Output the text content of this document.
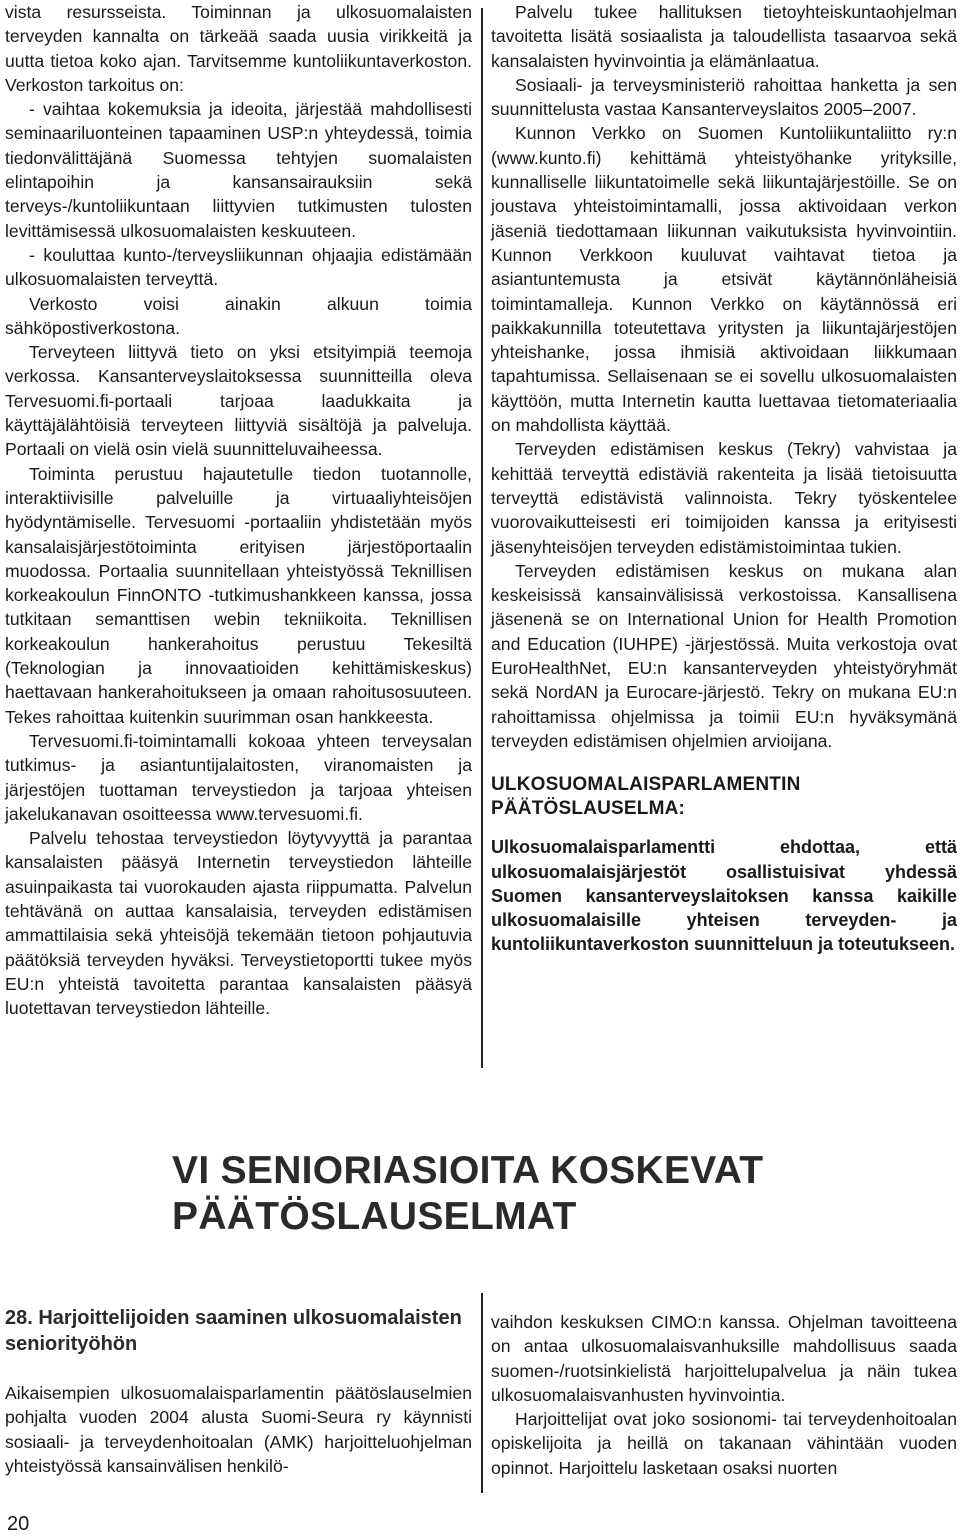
vista resursseista. Toiminnan ja ulkosuomalaisten terveyden kannalta on tärkeää saada uusia virikkeitä ja uutta tietoa koko ajan. Tarvitsemme kuntoliikuntaverkoston. Verkoston tarkoitus on:

- vaihtaa kokemuksia ja ideoita, järjestää mahdollisesti seminaariluonteinen tapaaminen USP:n yhteydessä, toimia tiedonvälittäjänä Suomessa tehtyjen suomalaisten elintapoihin ja kansansairauksiin sekä terveys-/kuntoliikuntaan liittyvien tutkimusten tulosten levittämisessä ulkosuomalaisten keskuuteen.

- kouluttaa kunto-/terveysliikunnan ohjaajia edistämään ulkosuomalaisten terveyttä.

Verkosto voisi ainakin alkuun toimia sähköpostiverkostona.

Terveyteen liittyvä tieto on yksi etsityimpiä teemoja verkossa. Kansanterveyslaitoksessa suunnitteilla oleva Tervesuomi.fi-portaali tarjoaa laadukkaita ja käyttäjälähtöisiä terveyteen liittyviä sisältöjä ja palveluja. Portaali on vielä osin vielä suunnitteluvaiheessa.

Toiminta perustuu hajautetulle tiedon tuotannolle, interaktiivisille palveluille ja virtuaaliyhteisöjen hyödyntämiselle. Tervesuomi -portaaliin yhdistetään myös kansalaisjärjestötoiminta erityisen järjestöportaalin muodossa. Portaalia suunnitellaan yhteistyössä Teknillisen korkeakoulun FinnONTO -tutkimushankkeen kanssa, jossa tutkitaan semanttisen webin tekniikoita. Teknillisen korkeakoulun hankerahoitus perustuu Tekesiltä (Teknologian ja innovaatioiden kehittämiskeskus) haettavaan hankerahoitukseen ja omaan rahoitusosuuteen. Tekes rahoittaa kuitenkin suurimman osan hankkeesta.

Tervesuomi.fi-toimintamalli kokoaa yhteen terveysalan tutkimus- ja asiantuntijalaitosten, viranomaisten ja järjestöjen tuottaman terveystiedon ja tarjoaa yhteisen jakelukanavan osoitteessa www.tervesuomi.fi.

Palvelu tehostaa terveystiedon löytyvyyttä ja parantaa kansalaisten pääsyä Internetin terveystiedon lähteille asuinpaikasta tai vuorokauden ajasta riippumatta. Palvelun tehtävänä on auttaa kansalaisia, terveyden edistämisen ammattilaisia sekä yhteisöjä tekemään tietoon pohjautuvia päätöksiä terveyden hyväksi. Terveystietoportti tukee myös EU:n yhteistä tavoitetta parantaa kansalaisten pääsyä luotettavan terveystiedon lähteille.

Palvelu tukee hallituksen tietoyhteiskuntaohjelman tavoitetta lisätä sosiaalista ja taloudellista tasaarvoa sekä kansalaisten hyvinvointia ja elämänlaatua.

Sosiaali- ja terveysministeriö rahoittaa hanketta ja sen suunnittelusta vastaa Kansanterveyslaitos 2005–2007.

Kunnon Verkko on Suomen Kuntoliikuntaliitto ry:n (www.kunto.fi) kehittämä yhteistyöhanke yrityksille, kunnalliselle liikuntatoimelle sekä liikuntajärjestöille. Se on joustava yhteistoimintamalli, jossa aktivoidaan verkon jäseniä tiedottamaan liikunnan vaikutuksista hyvinvointiin. Kunnon Verkkoon kuuluvat vaihtavat tietoa ja asiantuntemusta ja etsivät käytännönläheisiä toimintamalleja. Kunnon Verkko on käytännössä eri paikkakunnilla toteutettava yritysten ja liikuntajärjestöjen yhteishanke, jossa ihmisiä aktivoidaan liikkumaan tapahtumissa. Sellaisenaan se ei sovellu ulkosuomalaisten käyttöön, mutta Internetin kautta luettavaa tietomateriaalia on mahdollista käyttää.

Terveyden edistämisen keskus (Tekry) vahvistaa ja kehittää terveyttä edistäviä rakenteita ja lisää tietoisuutta terveyttä edistävistä valinnoista. Tekry työskentelee vuorovaikutteisesti eri toimijoiden kanssa ja erityisesti jäsenyhteisöjen terveyden edistämistoimintaa tukien.

Terveyden edistämisen keskus on mukana alan keskeisissä kansainvälisissä verkostoissa. Kansallisena jäsenenä se on International Union for Health Promotion and Education (IUHPE) -järjestössä. Muita verkostoja ovat EuroHealthNet, EU:n kansanterveyden yhteistyöryhmät sekä NordAN ja Eurocare-järjestö. Tekry on mukana EU:n rahoittamissa ohjelmissa ja toimii EU:n hyväksymänä terveyden edistämisen ohjelmien arvioijana.

ULKOSUOMALAISPARLAMENTIN PÄÄTÖSLAUSELMA:

Ulkosuomalaisparlamentti ehdottaa, että ulkosuomalaisjärjestöt osallistuisivat yhdessä Suomen kansanterveyslaitoksen kanssa kaikille ulkosuomalaisille yhteisen terveyden- ja kuntoliikuntaverkoston suunnitteluun ja toteutukseen.

VI SENIORIASIOITA KOSKEVAT PÄÄTÖSLAUSELMAT
28. Harjoittelijoiden saaminen ulkosuomalaisten seniorityöhön

Aikaisempien ulkosuomalaisparlamentin päätöslauselmien pohjalta vuoden 2004 alusta Suomi-Seura ry käynnisti sosiaali- ja terveydenhoitoalan (AMK) harjoitteluohjelman yhteistyössä kansainvälisen henkilö-

vaihdon keskuksen CIMO:n kanssa. Ohjelman tavoitteena on antaa ulkosuomalaisvanhuksille mahdollisuus saada suomen-/ruotsinkielistä harjoittelupalvelua ja näin tukea ulkosuomalaisvanhusten hyvinvointia.

Harjoittelijat ovat joko sosionomi- tai terveydenhoitoalan opiskelijoita ja heillä on takanaan vähintään vuoden opinnot. Harjoittelu lasketaan osaksi nuorten

20
